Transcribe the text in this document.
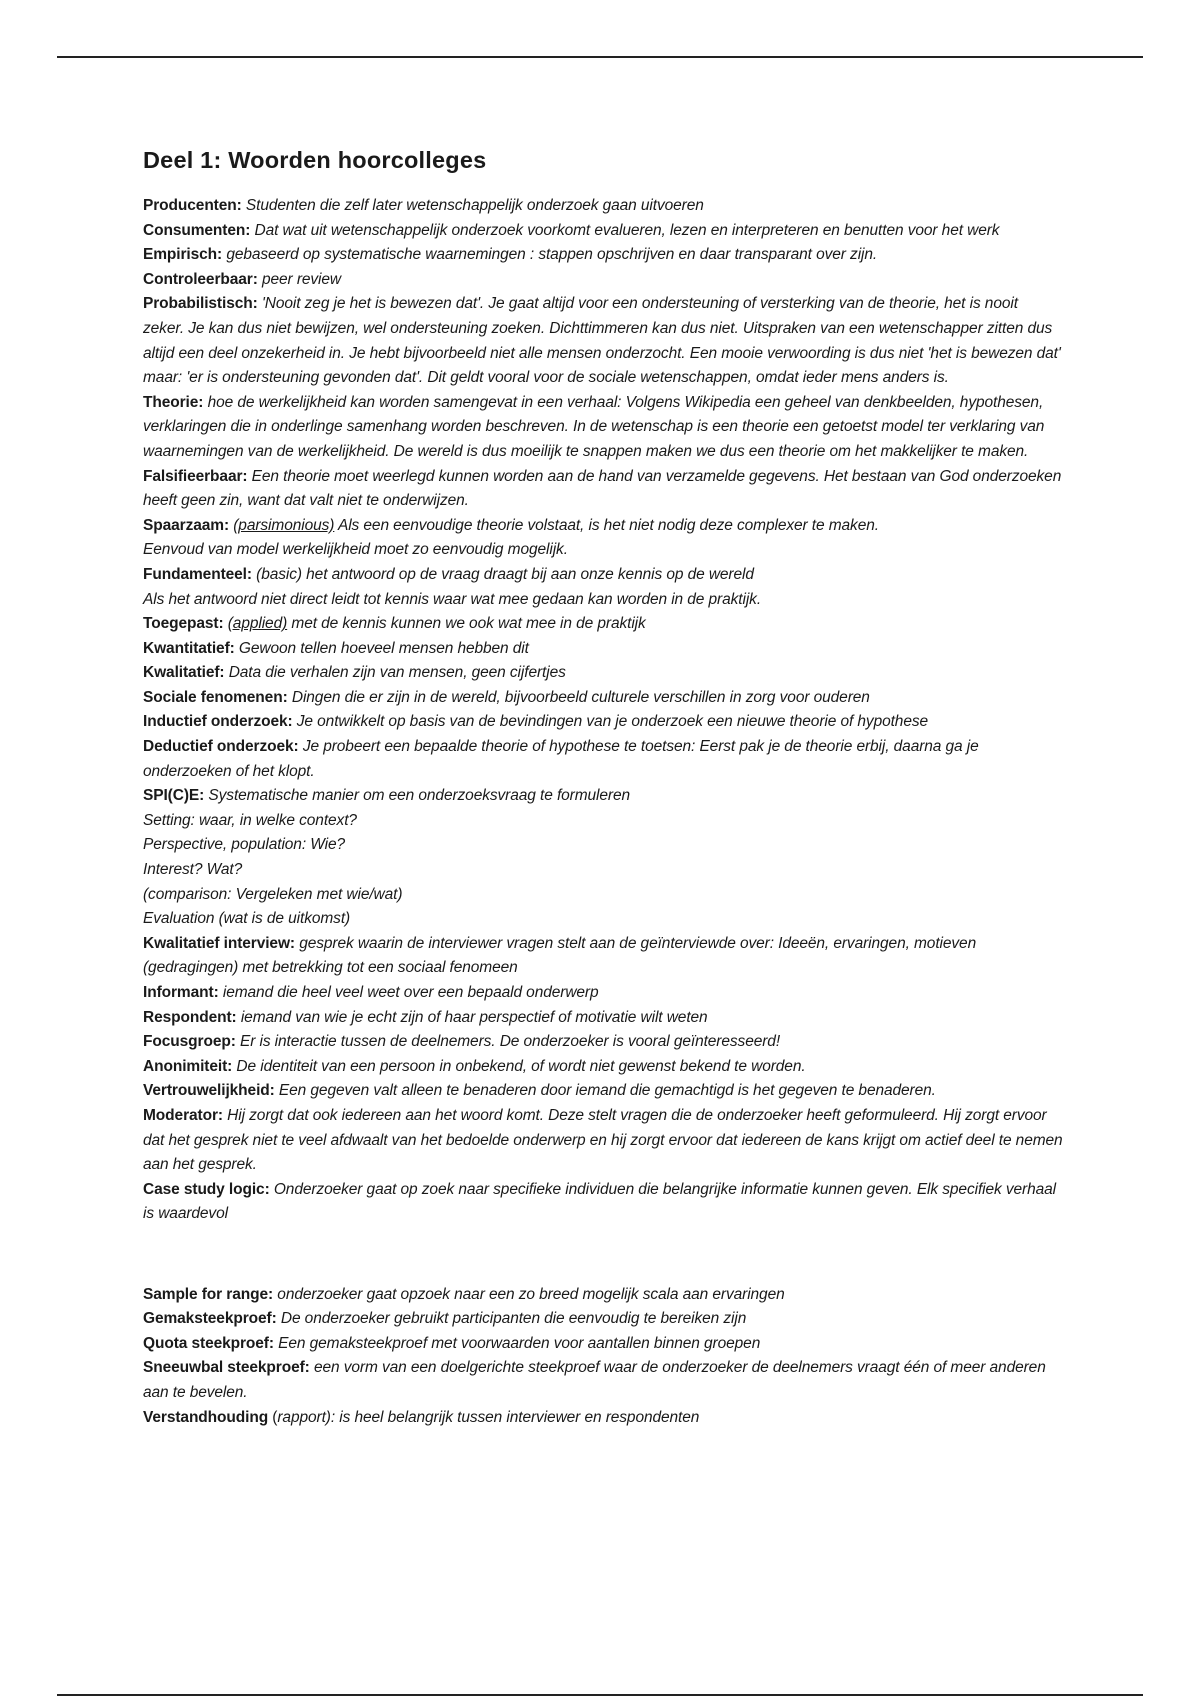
Deel 1: Woorden hoorcolleges

Producenten: Studenten die zelf later wetenschappelijk onderzoek gaan uitvoeren

Consumenten: Dat wat uit wetenschappelijk onderzoek voorkomt evalueren, lezen en interpreteren en benutten voor het werk

Empirisch: gebaseerd op systematische waarnemingen : stappen opschrijven en daar transparant over zijn.

Controleerbaar: peer review

Probabilistisch: 'Nooit zeg je het is bewezen dat'. Je gaat altijd voor een ondersteuning of versterking van de theorie, het is nooit zeker. Je kan dus niet bewijzen, wel ondersteuning zoeken. Dichttimmeren kan dus niet. Uitspraken van een wetenschapper zitten dus altijd een deel onzekerheid in. Je hebt bijvoorbeeld niet alle mensen onderzocht. Een mooie verwoording is dus niet 'het is bewezen dat' maar: 'er is ondersteuning gevonden dat'. Dit geldt vooral voor de sociale wetenschappen, omdat ieder mens anders is.

Theorie: hoe de werkelijkheid kan worden samengevat in een verhaal: Volgens Wikipedia een geheel van denkbeelden, hypothesen, verklaringen die in onderlinge samenhang worden beschreven. In de wetenschap is een theorie een getoetst model ter verklaring van waarnemingen van de werkelijkheid. De wereld is dus moeilijk te snappen maken we dus een theorie om het makkelijker te maken.

Falsifieerbaar: Een theorie moet weerlegd kunnen worden aan de hand van verzamelde gegevens. Het bestaan van God onderzoeken heeft geen zin, want dat valt niet te onderwijzen.

Spaarzaam: (parsimonious) Als een eenvoudige theorie volstaat, is het niet nodig deze complexer te maken.

Eenvoud van model werkelijkheid moet zo eenvoudig mogelijk.

Fundamenteel: (basic) het antwoord op de vraag draagt bij aan onze kennis op de wereld

Als het antwoord niet direct leidt tot kennis waar wat mee gedaan kan worden in de praktijk.

Toegepast: (applied) met de kennis kunnen we ook wat mee in de praktijk

Kwantitatief: Gewoon tellen hoeveel mensen hebben dit

Kwalitatief: Data die verhalen zijn van mensen, geen cijfertjes

Sociale fenomenen: Dingen die er zijn in de wereld, bijvoorbeeld culturele verschillen in zorg voor ouderen

Inductief onderzoek: Je ontwikkelt op basis van de bevindingen van je onderzoek een nieuwe theorie of hypothese

Deductief onderzoek: Je probeert een bepaalde theorie of hypothese te toetsen: Eerst pak je de theorie erbij, daarna ga je onderzoeken of het klopt.

SPI(C)E: Systematische manier om een onderzoeksvraag te formuleren

Setting: waar, in welke context?

Perspective, population: Wie?

Interest? Wat?

(comparison: Vergeleken met wie/wat)

Evaluation (wat is de uitkomst)

Kwalitatief interview: gesprek waarin de interviewer vragen stelt aan de geïnterviewde over: Ideeën, ervaringen, motieven (gedragingen) met betrekking tot een sociaal fenomeen

Informant: iemand die heel veel weet over een bepaald onderwerp

Respondent: iemand van wie je echt zijn of haar perspectief of motivatie wilt weten

Focusgroep: Er is interactie tussen de deelnemers. De onderzoeker is vooral geïnteresseerd!

Anonimiteit: De identiteit van een persoon in onbekend, of wordt niet gewenst bekend te worden.

Vertrouwelijkheid: Een gegeven valt alleen te benaderen door iemand die gemachtigd is het gegeven te benaderen.

Moderator: Hij zorgt dat ook iedereen aan het woord komt. Deze stelt vragen die de onderzoeker heeft geformuleerd. Hij zorgt ervoor dat het gesprek niet te veel afdwaalt van het bedoelde onderwerp en hij zorgt ervoor dat iedereen de kans krijgt om actief deel te nemen aan het gesprek.

Case study logic: Onderzoeker gaat op zoek naar specifieke individuen die belangrijke informatie kunnen geven. Elk specifiek verhaal is waardevol

Sample for range: onderzoeker gaat opzoek naar een zo breed mogelijk scala aan ervaringen

Gemaksteekproef: De onderzoeker gebruikt participanten die eenvoudig te bereiken zijn

Quota steekproef: Een gemaksteekproef met voorwaarden voor aantallen binnen groepen

Sneeuwbal steekproef: een vorm van een doelgerichte steekproef waar de onderzoeker de deelnemers vraagt één of meer anderen aan te bevelen.

Verstandhouding (rapport): is heel belangrijk tussen interviewer en respondenten
